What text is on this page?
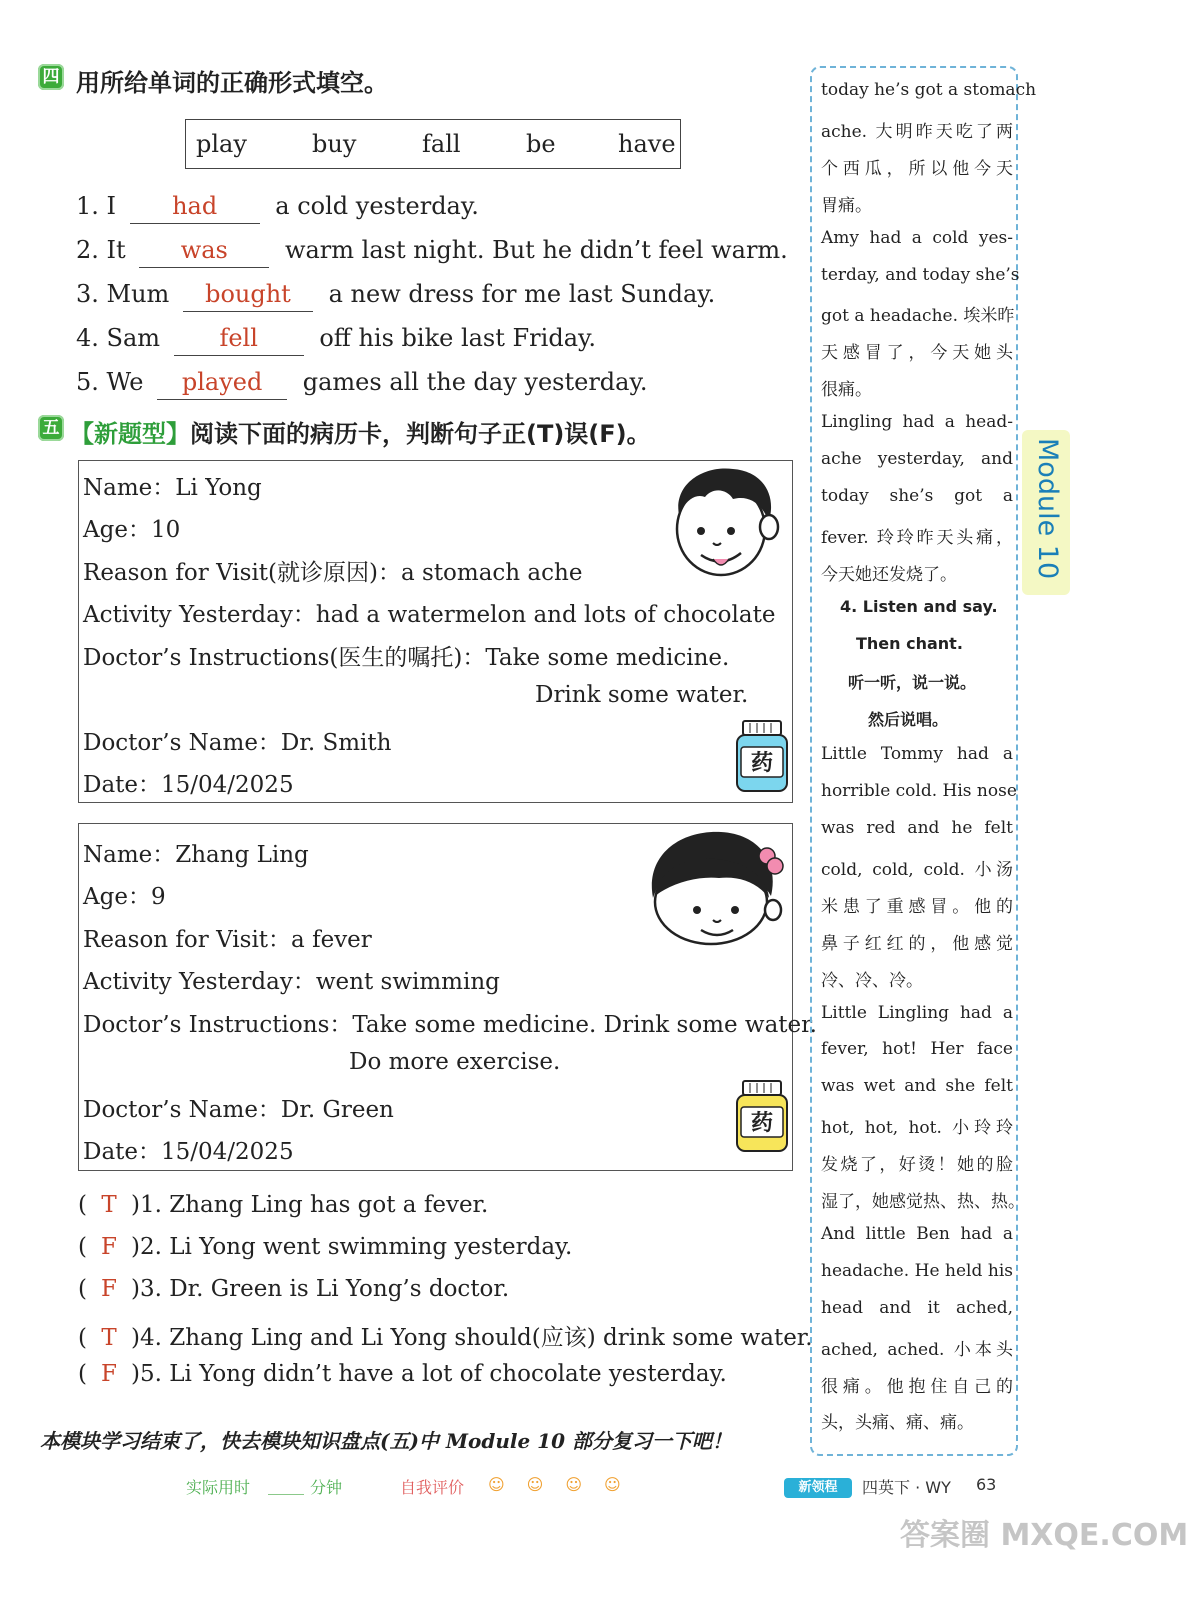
四 用所给单词的正确形式填空。
play	buy	fall	be	have
1. I had a cold yesterday.
2. It was warm last night. But he didn’t feel warm.
3. Mum bought a new dress for me last Sunday.
4. Sam fell	off his bike last Friday.
5. We played games all the day yesterday.
五 【新题型】阅读下面的病历卡，判断句子正(T)误(F)。
Name：Li Yong
Age：10
Reason for Visit(就诊原因)：a stomach ache
Activity Yesterday：had a watermelon and lots of chocolate
Doctor’s Instructions(医生的嘱托)：Take some medicine.
Drink some water.
Doctor’s Name：Dr. Smith
Date：15/04/2025
药
Name：Zhang Ling
Age：9
Reason for Visit：a fever
Activity Yesterday：went swimming
Doctor’s Instructions：Take some medicine. Drink some water.
Do more exercise.
Doctor’s Name：Dr. Green
Date：15/04/2025
药
( T )1. Zhang Ling has got a fever.
( F )2. Li Yong went swimming yesterday.
( F )3. Dr. Green is Li Yong’s doctor.
( T )4. Zhang Ling and Li Yong should(应该) drink some water.
( F )5. Li Yong didn’t have a lot of chocolate yesterday.
today he’s got a stomach
ache. 大明昨天吃了两
个西瓜，所以他今天
胃痛。
Amy had a cold yes-
terday, and today she’s
got a headache. 埃米昨
天感冒了，今天她头
很痛。
Lingling had a head-
ache yesterday, and
today she’s got a
fever. 玲玲昨天头痛，
今天她还发烧了。
4. Listen and say.
Then chant.
听一听，说一说。
然后说唱。
Little Tommy had a
horrible cold. His nose
was red and he felt
cold, cold, cold. 小汤
米患了重感冒。他的
鼻子红红的，他感觉
冷、冷、冷。
Little Lingling had a
fever, hot! Her face
was wet and she felt
hot, hot, hot. 小玲玲
发烧了，好烫！她的脸
湿了，她感觉热、热、热。
And little Ben had a
headache. He held his
head and it ached,
ached, ached. 小本头
很痛。他抱住自己的
头，头痛、痛、痛。
Module 10
本模块学习结束了，快去模块知识盘点(五)中 Module 10 部分复习一下吧！
实际用时	分钟	自我评价 ☺☺☺☺	新领程	四英下 · WY 63
答案圈 MXQE.COM
